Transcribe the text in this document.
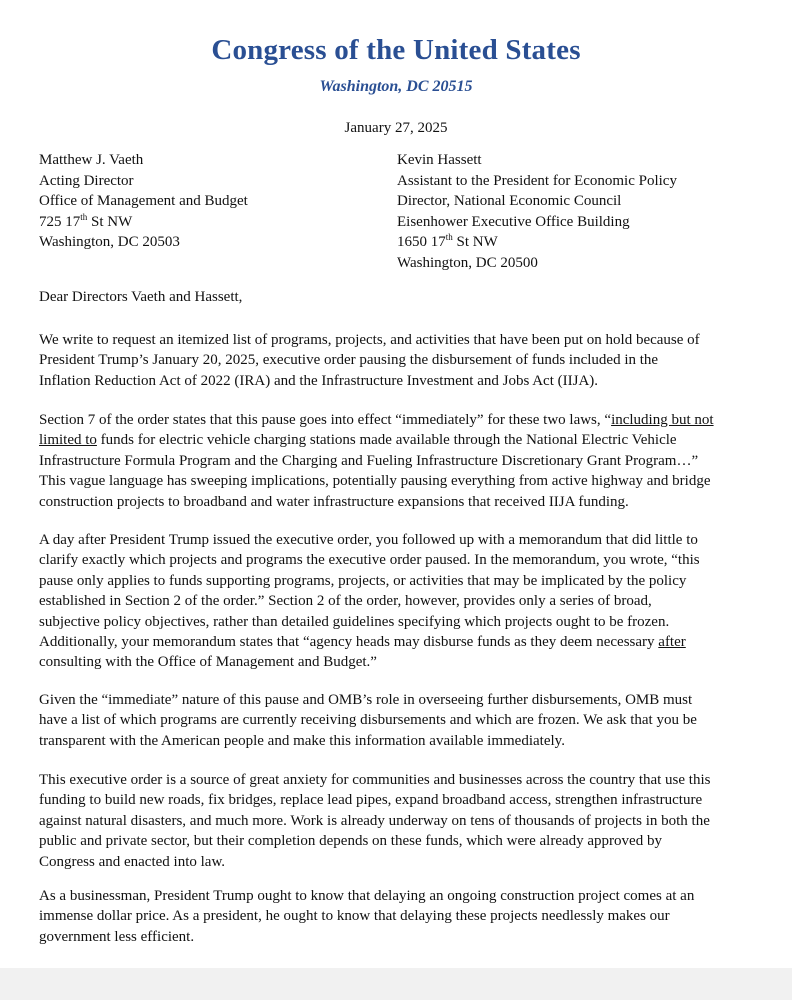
Congress of the United States
Washington, DC 20515
January 27, 2025
Matthew J. Vaeth
Acting Director
Office of Management and Budget
725 17th St NW
Washington, DC 20503
Kevin Hassett
Assistant to the President for Economic Policy
Director, National Economic Council
Eisenhower Executive Office Building
1650 17th St NW
Washington, DC 20500
Dear Directors Vaeth and Hassett,
We write to request an itemized list of programs, projects, and activities that have been put on hold because of
President Trump’s January 20, 2025, executive order pausing the disbursement of funds included in the
Inflation Reduction Act of 2022 (IRA) and the Infrastructure Investment and Jobs Act (IIJA).
Section 7 of the order states that this pause goes into effect “immediately” for these two laws, “including but not
limited to funds for electric vehicle charging stations made available through the National Electric Vehicle
Infrastructure Formula Program and the Charging and Fueling Infrastructure Discretionary Grant Program…”
This vague language has sweeping implications, potentially pausing everything from active highway and bridge
construction projects to broadband and water infrastructure expansions that received IIJA funding.
A day after President Trump issued the executive order, you followed up with a memorandum that did little to
clarify exactly which projects and programs the executive order paused. In the memorandum, you wrote, “this
pause only applies to funds supporting programs, projects, or activities that may be implicated by the policy
established in Section 2 of the order.” Section 2 of the order, however, provides only a series of broad,
subjective policy objectives, rather than detailed guidelines specifying which projects ought to be frozen.
Additionally, your memorandum states that “agency heads may disburse funds as they deem necessary after
consulting with the Office of Management and Budget.”
Given the “immediate” nature of this pause and OMB’s role in overseeing further disbursements, OMB must
have a list of which programs are currently receiving disbursements and which are frozen. We ask that you be
transparent with the American people and make this information available immediately.
This executive order is a source of great anxiety for communities and businesses across the country that use this
funding to build new roads, fix bridges, replace lead pipes, expand broadband access, strengthen infrastructure
against natural disasters, and much more. Work is already underway on tens of thousands of projects in both the
public and private sector, but their completion depends on these funds, which were already approved by
Congress and enacted into law.
As a businessman, President Trump ought to know that delaying an ongoing construction project comes at an
immense dollar price. As a president, he ought to know that delaying these projects needlessly makes our
government less efficient.
